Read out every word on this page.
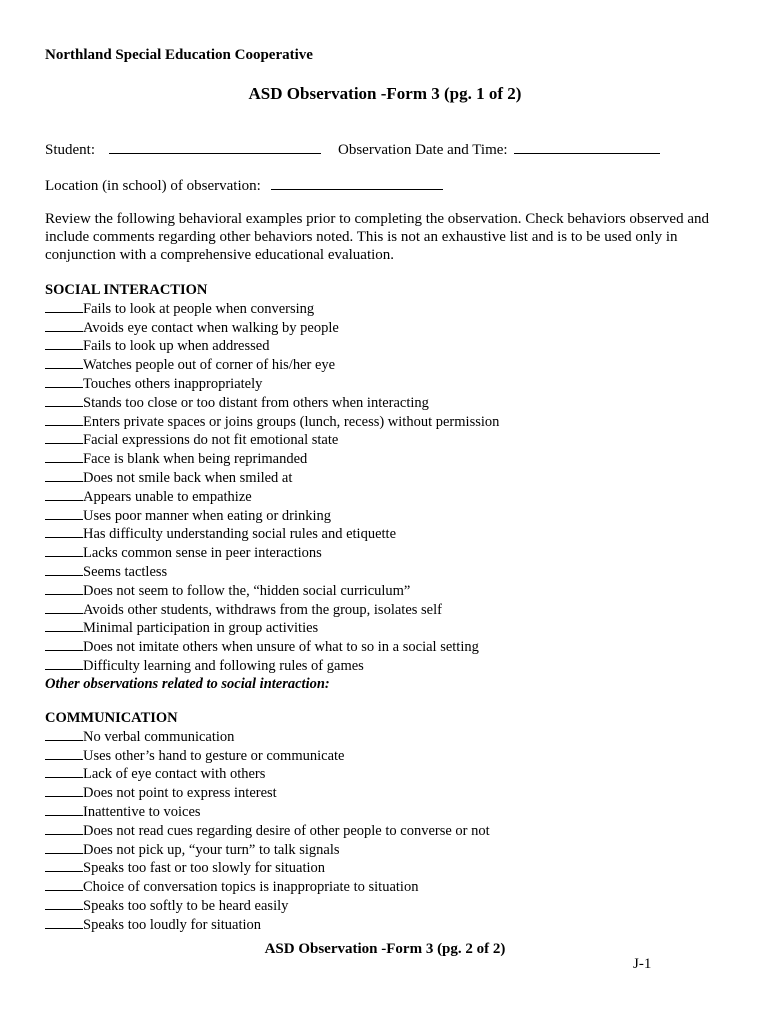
Northland Special Education Cooperative
ASD Observation -Form 3 (pg. 1 of 2)
Student:	Observation Date and Time:
Location (in school) of observation:
Review the following behavioral examples prior to completing the observation. Check behaviors observed and include comments regarding other behaviors noted. This is not an exhaustive list and is to be used only in conjunction with a comprehensive educational evaluation.
SOCIAL INTERACTION
Fails to look at people when conversing
Avoids eye contact when walking by people
Fails to look up when addressed
Watches people out of corner of his/her eye
Touches others inappropriately
Stands too close or too distant from others when interacting
Enters private spaces or joins groups (lunch, recess) without permission
Facial expressions do not fit emotional state
Face is blank when being reprimanded
Does not smile back when smiled at
Appears unable to empathize
Uses poor manner when eating or drinking
Has difficulty understanding social rules and etiquette
Lacks common sense in peer interactions
Seems tactless
Does not seem to follow the, “hidden social curriculum”
Avoids other students, withdraws from the group, isolates self
Minimal participation in group activities
Does not imitate others when unsure of what to so in a social setting
Difficulty learning and following rules of games
Other observations related to social interaction:
COMMUNICATION
No verbal communication
Uses other’s hand to gesture or communicate
Lack of eye contact with others
Does not point to express interest
Inattentive to voices
Does not read cues regarding desire of other people to converse or not
Does not pick up, “your turn” to talk signals
Speaks too fast or too slowly for situation
Choice of conversation topics is inappropriate to situation
Speaks too softly to be heard easily
Speaks too loudly for situation
ASD Observation -Form 3 (pg. 2 of 2)
J-1
